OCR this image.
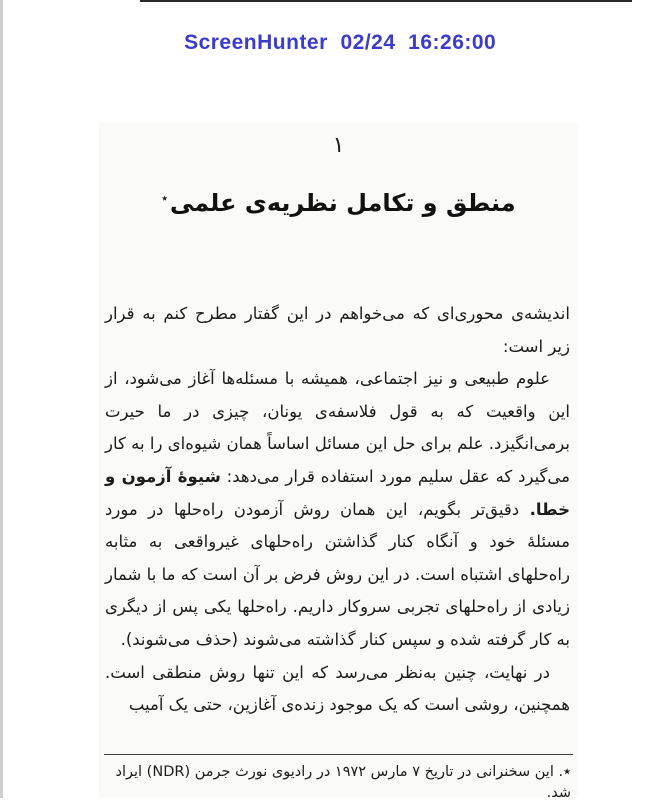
ScreenHunter  02/24  16:26:00

١
منطق و تکامل نظریه‌ی علمی٭

اندیشه‌ی محوری‌ای که می‌خواهم در این گفتار مطرح کنم به قرار زیر است:

علوم طبیعی و نیز اجتماعی، همیشه با مسئله‌ها آغاز می‌شود، از این واقعیت که به قول فلاسفه‌ی یونان، چیزی در ما حیرت برمی‌انگیزد. علم برای حل این مسائل اساساً همان شیوه‌ای را به کار می‌گیرد که عقل سلیم مورد استفاده قرار می‌دهد: شیوۀ آزمون و خطا. دقیق‌تر بگویم، این همان روش آزمودن راه‌حلها در مورد مسئلۀ خود و آنگاه کنار گذاشتن راه‌حلهای غیرواقعی به مثابه راه‌حلهای اشتباه است. در این روش فرض بر آن است که ما با شمار زیادی از راه‌حلهای تجربی سروکار داریم. راه‌حلها یکی پس از دیگری به کار گرفته شده و سپس کنار گذاشته می‌شوند (حذف می‌شوند).

در نهایت، چنین به‌نظر می‌رسد که این تنها روش منطقی است. همچنین، روشی است که یک موجود زنده‌ی آغازین، حتی یک آمیب

٭. این سخنرانی در تاریخ ۷ مارس ۱۹۷۲ در رادیوی نورث جرمن (NDR) ایراد شد.
